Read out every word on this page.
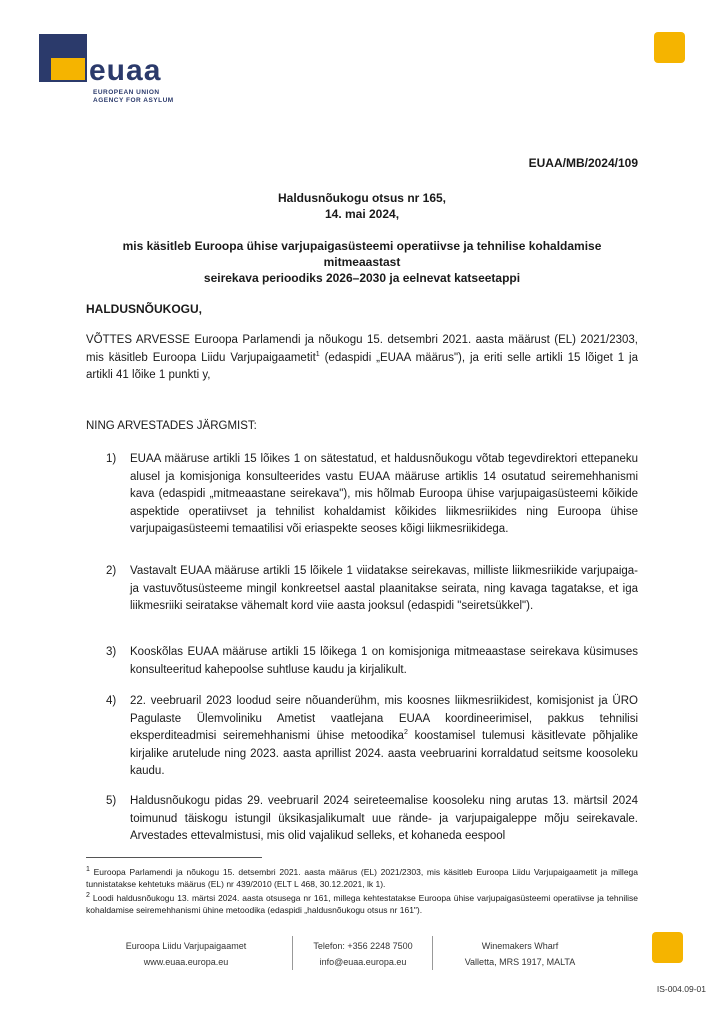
euaa
EUROPEAN UNION
AGENCY FOR ASYLUM
EUAA/MB/2024/109
Haldusnõukogu otsus nr 165,
14. mai 2024,
mis käsitleb Euroopa ühise varjupaigasüsteemi operatiivse ja tehnilise kohaldamise mitmeaastast
seirekava perioodiks 2026–2030 ja eelnevat katseetappi
HALDUSNÕUKOGU,
VÕTTES ARVESSE Euroopa Parlamendi ja nõukogu 15. detsembri 2021. aasta määrust (EL) 2021/2303, mis käsitleb Euroopa Liidu Varjupaigaametit$^1$ (edaspidi „EUAA määrus"), ja eriti selle artikli 15 lõiget 1 ja artikli 41 lõike 1 punkti y,
NING ARVESTADES JÄRGMIST:
1)	EUAA määruse artikli 15 lõikes 1 on sätestatud, et haldusnõukogu võtab tegevdirektori ettepaneku alusel ja komisjoniga konsulteerides vastu EUAA määruse artiklis 14 osutatud seiremehhanismi kava (edaspidi „mitmeaastane seirekava"), mis hõlmab Euroopa ühise varjupaigasüsteemi kõikide aspektide operatiivset ja tehnilist kohaldamist kõikides liikmesriikides ning Euroopa ühise varjupaigasüsteemi temaatilisi või eriaspekte seoses kõigi liikmesriikidega.
2)	Vastavalt EUAA määruse artikli 15 lõikele 1 viidatakse seirekavas, milliste liikmesriikide varjupaiga- ja vastuvõtusüsteeme mingil konkreetsel aastal plaanitakse seirata, ning kavaga tagatakse, et iga liikmesriiki seiratakse vähemalt kord viie aasta jooksul (edaspidi "seiretsükkel").
3)	Kooskõlas EUAA määruse artikli 15 lõikega 1 on komisjoniga mitmeaastase seirekava küsimuses konsulteeritud kahepoolse suhtluse kaudu ja kirjalikult.
4)	22. veebruaril 2023 loodud seire nõuanderühm, mis koosnes liikmesriikidest, komisjonist ja ÜRO Pagulaste Ülemvoliniku Ametist vaatlejana EUAA koordineerimisel, pakkus tehnilisi eksperditeadmisi seiremehhanismi ühise metoodika$^2$ koostamisel tulemusi käsitlevate põhjalike kirjalike arutelude ning 2023. aasta aprillist 2024. aasta veebruarini korraldatud seitsme koosoleku kaudu.
5)	Haldusnõukogu pidas 29. veebruaril 2024 seireteemalise koosoleku ning arutas 13. märtsil 2024 toimunud täiskogu istungil üksikasjalikumalt uue rände- ja varjupaigaleppe mõju seirekavale. Arvestades ettevalmistusi, mis olid vajalikud selleks, et kohaneda eespool
$^1$ Euroopa Parlamendi ja nõukogu 15. detsembri 2021. aasta määrus (EL) 2021/2303, mis käsitleb Euroopa Liidu Varjupaigaametit ja millega tunnistatakse kehtetuks määrus (EL) nr 439/2010 (ELT L 468, 30.12.2021, lk 1).
$^2$ Loodi haldusnõukogu 13. märtsi 2024. aasta otsusega nr 161, millega kehtestatakse Euroopa ühise varjupaigasüsteemi operatiivse ja tehnilise kohaldamise seiremehhanismi ühine metoodika (edaspidi „haldusnõukogu otsus nr 161").
Euroopa Liidu Varjupaigaamet
www.euaa.europa.eu
Telefon: +356 2248 7500
info@euaa.europa.eu
Winemakers Wharf
Valletta, MRS 1917, MALTA
IS-004.09-01
